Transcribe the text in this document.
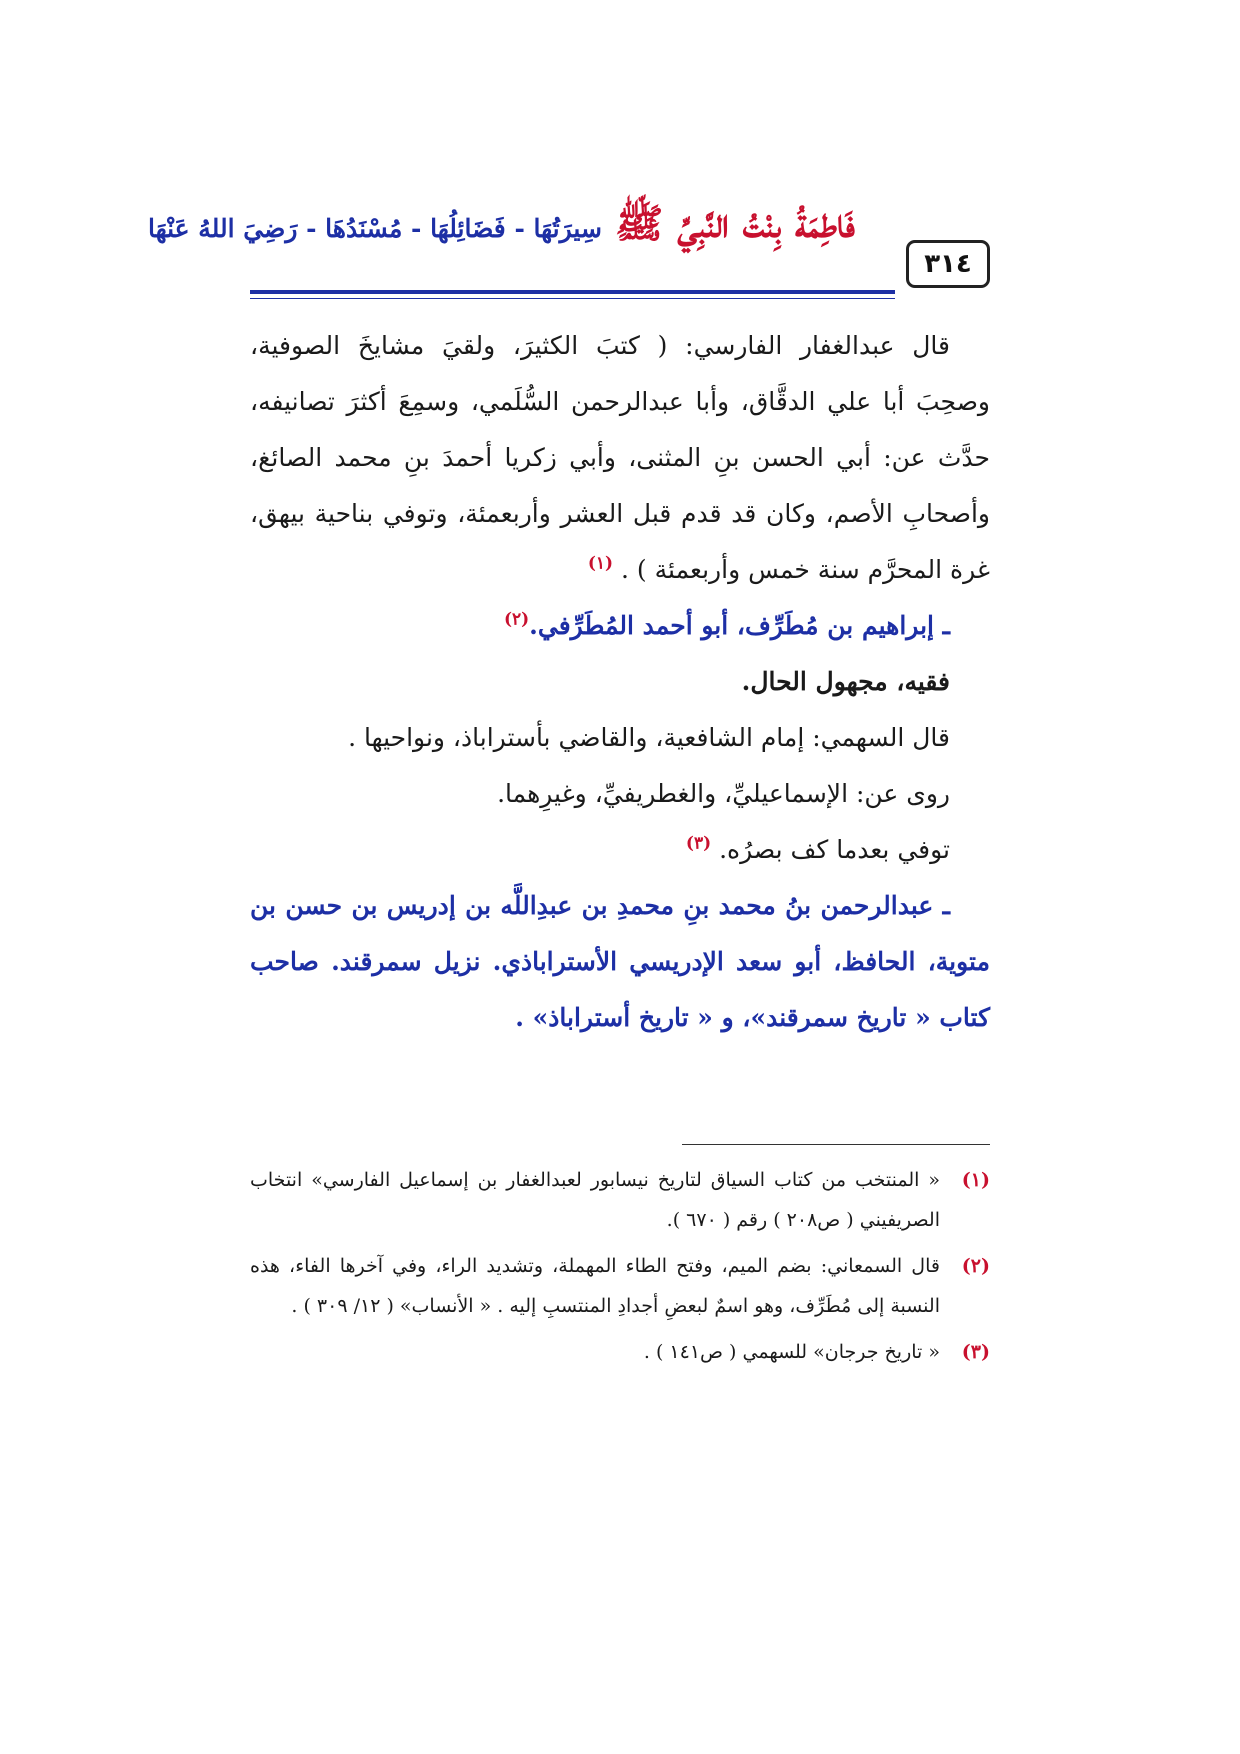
فَاطِمَةُ بِنْتُ النَّبِيِّ ﷺ سِيرَتُهَا - فَضَائِلُهَا - مُسْنَدُهَا - رَضِيَ اللهُ عَنْهَا
٣١٤

قال عبدالغفار الفارسي: ( كتبَ الكثيرَ، ولقيَ مشايخَ الصوفية، وصحِبَ أبا علي الدقَّاق، وأبا عبدالرحمن السُّلَمي، وسمِعَ أكثرَ تصانيفه، حدَّث عن: أبي الحسن بنِ المثنى، وأبي زكريا أحمدَ بنِ محمد الصائغ، وأصحابِ الأصم، وكان قد قدم قبل العشر وأربعمئة، وتوفي بناحية بيهق، غرة المحرَّم سنة خمس وأربعمئة ) . $^{(١)}$

ـ إبراهيم بن مُطَرِّف، أبو أحمد المُطَرِّفي.$^{(٢)}$

فقيه، مجهول الحال.

قال السهمي: إمام الشافعية، والقاضي بأستراباذ، ونواحيها .

روى عن: الإسماعيليِّ، والغطريفيِّ، وغيرِهما.

توفي بعدما كف بصرُه. $^{(٣)}$

ـ عبدالرحمن بنُ محمد بنِ محمدِ بن عبدِاللَّه بن إدريس بن حسن بن متوية، الحافظ، أبو سعد الإدريسي الأستراباذي. نزيل سمرقند. صاحب كتاب « تاريخ سمرقند»، و « تاريخ أستراباذ» .

(١)
« المنتخب من كتاب السياق لتاريخ نيسابور لعبدالغفار بن إسماعيل الفارسي» انتخاب الصريفيني ( ص٢٠٨ ) رقم ( ٦٧٠ ).

(٢)
قال السمعاني: بضم الميم، وفتح الطاء المهملة، وتشديد الراء، وفي آخرها الفاء، هذه النسبة إلى مُطَرِّف، وهو اسمٌ لبعضِ أجدادِ المنتسبِ إليه . « الأنساب» ( ١٢/ ٣٠٩ ) .

(٣)
« تاريخ جرجان» للسهمي ( ص١٤١ ) .
